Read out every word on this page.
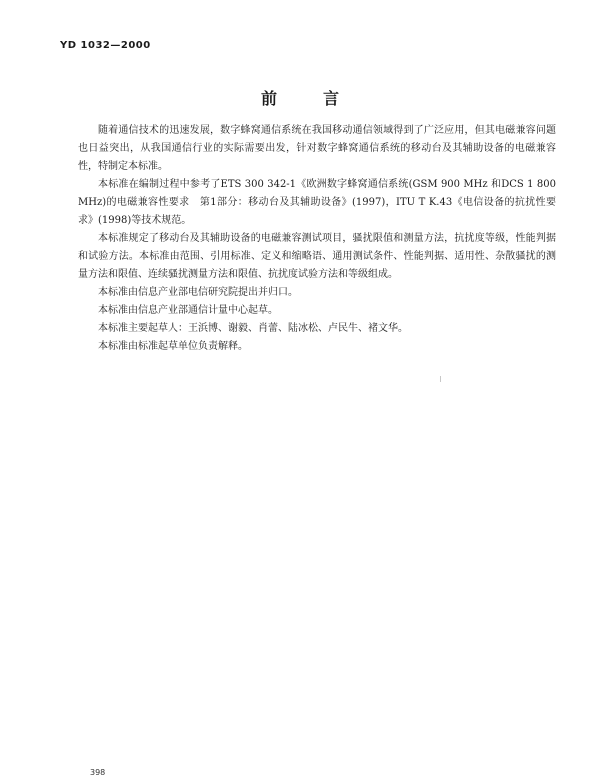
YD 1032—2000
前言

随着通信技术的迅速发展，数字蜂窝通信系统在我国移动通信领域得到了广泛应用，但其电磁兼容问题也日益突出，从我国通信行业的实际需要出发，针对数字蜂窝通信系统的移动台及其辅助设备的电磁兼容性，特制定本标准。

本标准在编制过程中参考了ETS 300 342-1《欧洲数字蜂窝通信系统(GSM 900 MHz 和DCS 1 800 MHz)的电磁兼容性要求　第1部分：移动台及其辅助设备》(1997)，ITU T K.43《电信设备的抗扰性要求》(1998)等技术规范。

本标准规定了移动台及其辅助设备的电磁兼容测试项目，骚扰限值和测量方法，抗扰度等级，性能判据和试验方法。本标准由范围、引用标准、定义和缩略语、通用测试条件、性能判据、适用性、杂散骚扰的测量方法和限值、连续骚扰测量方法和限值、抗扰度试验方法和等级组成。

本标准由信息产业部电信研究院提出并归口。

本标准由信息产业部通信计量中心起草。

本标准主要起草人：王浜博、谢毅、肖蕾、陆冰松、卢民牛、褚文华。

本标准由标准起草单位负责解释。

398
